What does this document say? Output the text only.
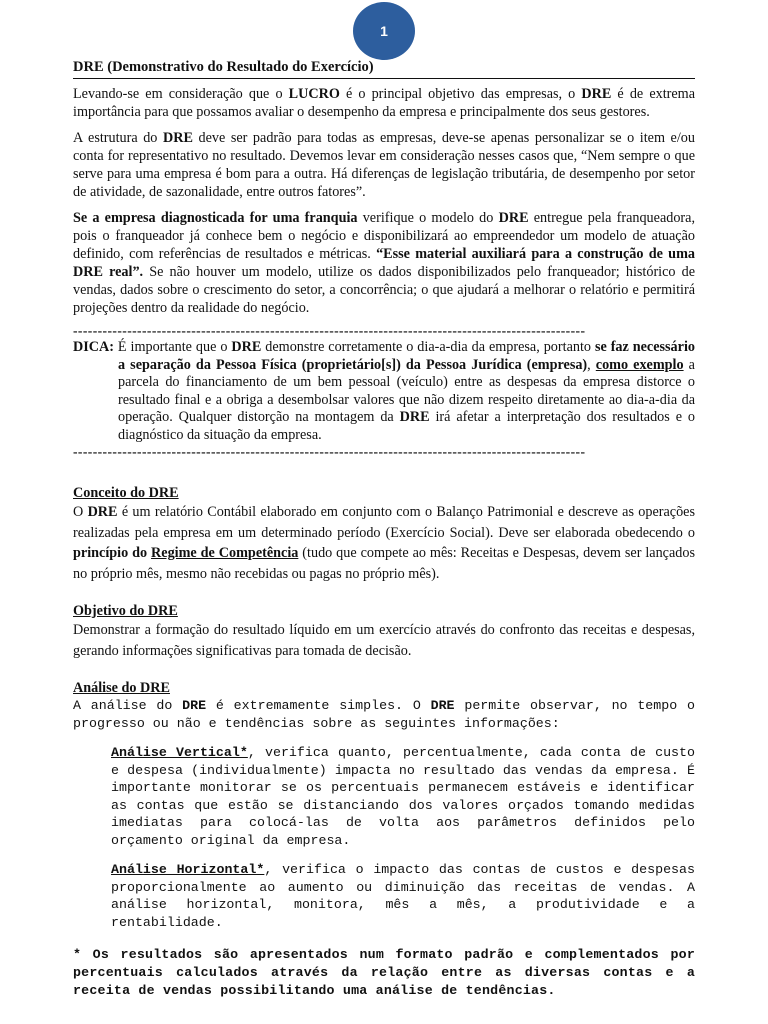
1
DRE (Demonstrativo do Resultado do Exercício)

Levando-se em consideração que o LUCRO é o principal objetivo das empresas, o DRE é de extrema importância para que possamos avaliar o desempenho da empresa e principalmente dos seus gestores.

A estrutura do DRE deve ser padrão para todas as empresas, deve-se apenas personalizar se o item e/ou conta for representativo no resultado. Devemos levar em consideração nesses casos que, “Nem sempre o que serve para uma empresa é bom para a outra. Há diferenças de legislação tributária, de desempenho por setor de atividade, de sazonalidade, entre outros fatores”.

Se a empresa diagnosticada for uma franquia verifique o modelo do DRE entregue pela franqueadora, pois o franqueador já conhece bem o negócio e disponibilizará ao empreendedor um modelo de atuação definido, com referências de resultados e métricas. “Esse material auxiliará para a construção de uma DRE real”. Se não houver um modelo, utilize os dados disponibilizados pelo franqueador; histórico de vendas, dados sobre o crescimento do setor, a concorrência; o que ajudará a melhorar o relatório e permitirá projeções dentro da realidade do negócio.

--------------------------------------------------------------------------------------------------------

DICA: É importante que o DRE demonstre corretamente o dia-a-dia da empresa, portanto se faz necessário a separação da Pessoa Física (proprietário[s]) da Pessoa Jurídica (empresa), como exemplo a parcela do financiamento de um bem pessoal (veículo) entre as despesas da empresa distorce o resultado final e a obriga a desembolsar valores que não dizem respeito diretamente ao dia-a-dia da operação. Qualquer distorção na montagem da DRE irá afetar a interpretação dos resultados e o diagnóstico da situação da empresa.

--------------------------------------------------------------------------------------------------------
Conceito do DRE

O DRE é um relatório Contábil elaborado em conjunto com o Balanço Patrimonial e descreve as operações realizadas pela empresa em um determinado período (Exercício Social). Deve ser elaborada obedecendo o princípio do Regime de Competência (tudo que compete ao mês: Receitas e Despesas, devem ser lançados no próprio mês, mesmo não recebidas ou pagas no próprio mês).

Objetivo do DRE

Demonstrar a formação do resultado líquido em um exercício através do confronto das receitas e despesas, gerando informações significativas para tomada de decisão.

Análise do DRE

A análise do DRE é extremamente simples. O DRE permite observar, no tempo o progresso ou não e tendências sobre as seguintes informações:

Análise Vertical*, verifica quanto, percentualmente, cada conta de custo e despesa (individualmente) impacta no resultado das vendas da empresa. É importante monitorar se os percentuais permanecem estáveis e identificar as contas que estão se distanciando dos valores orçados tomando medidas imediatas para colocá-las de volta aos parâmetros definidos pelo orçamento original da empresa.

Análise Horizontal*, verifica o impacto das contas de custos e despesas proporcionalmente ao aumento ou diminuição das receitas de vendas. A análise horizontal, monitora, mês a mês, a produtividade e a rentabilidade.

* Os resultados são apresentados num formato padrão e complementados por percentuais calculados através da relação entre as diversas contas e a receita de vendas possibilitando uma análise de tendências.
